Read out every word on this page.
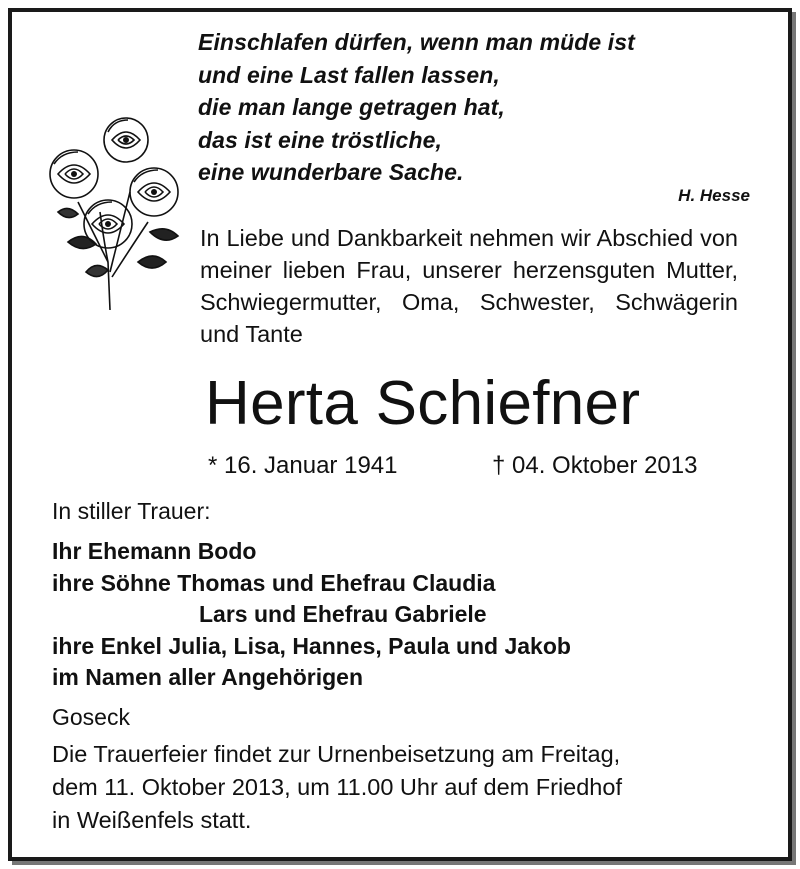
Einschlafen dürfen, wenn man müde ist
und eine Last fallen lassen,
die man lange getragen hat,
das ist eine tröstliche,
eine wunderbare Sache.
H. Hesse
In Liebe und Dankbarkeit nehmen wir Abschied von meiner lieben Frau, unserer herzensguten Mutter, Schwiegermutter, Oma, Schwester, Schwägerin und Tante
Herta Schiefner
* 16. Januar 1941	† 04. Oktober 2013
In stiller Trauer:
Ihr Ehemann Bodo
ihre Söhne Thomas und Ehefrau Claudia
Lars und Ehefrau Gabriele
ihre Enkel Julia, Lisa, Hannes, Paula und Jakob
im Namen aller Angehörigen
Goseck
Die Trauerfeier findet zur Urnenbeisetzung am Freitag,
dem 11. Oktober 2013, um 11.00 Uhr auf dem Friedhof
in Weißenfels statt.
